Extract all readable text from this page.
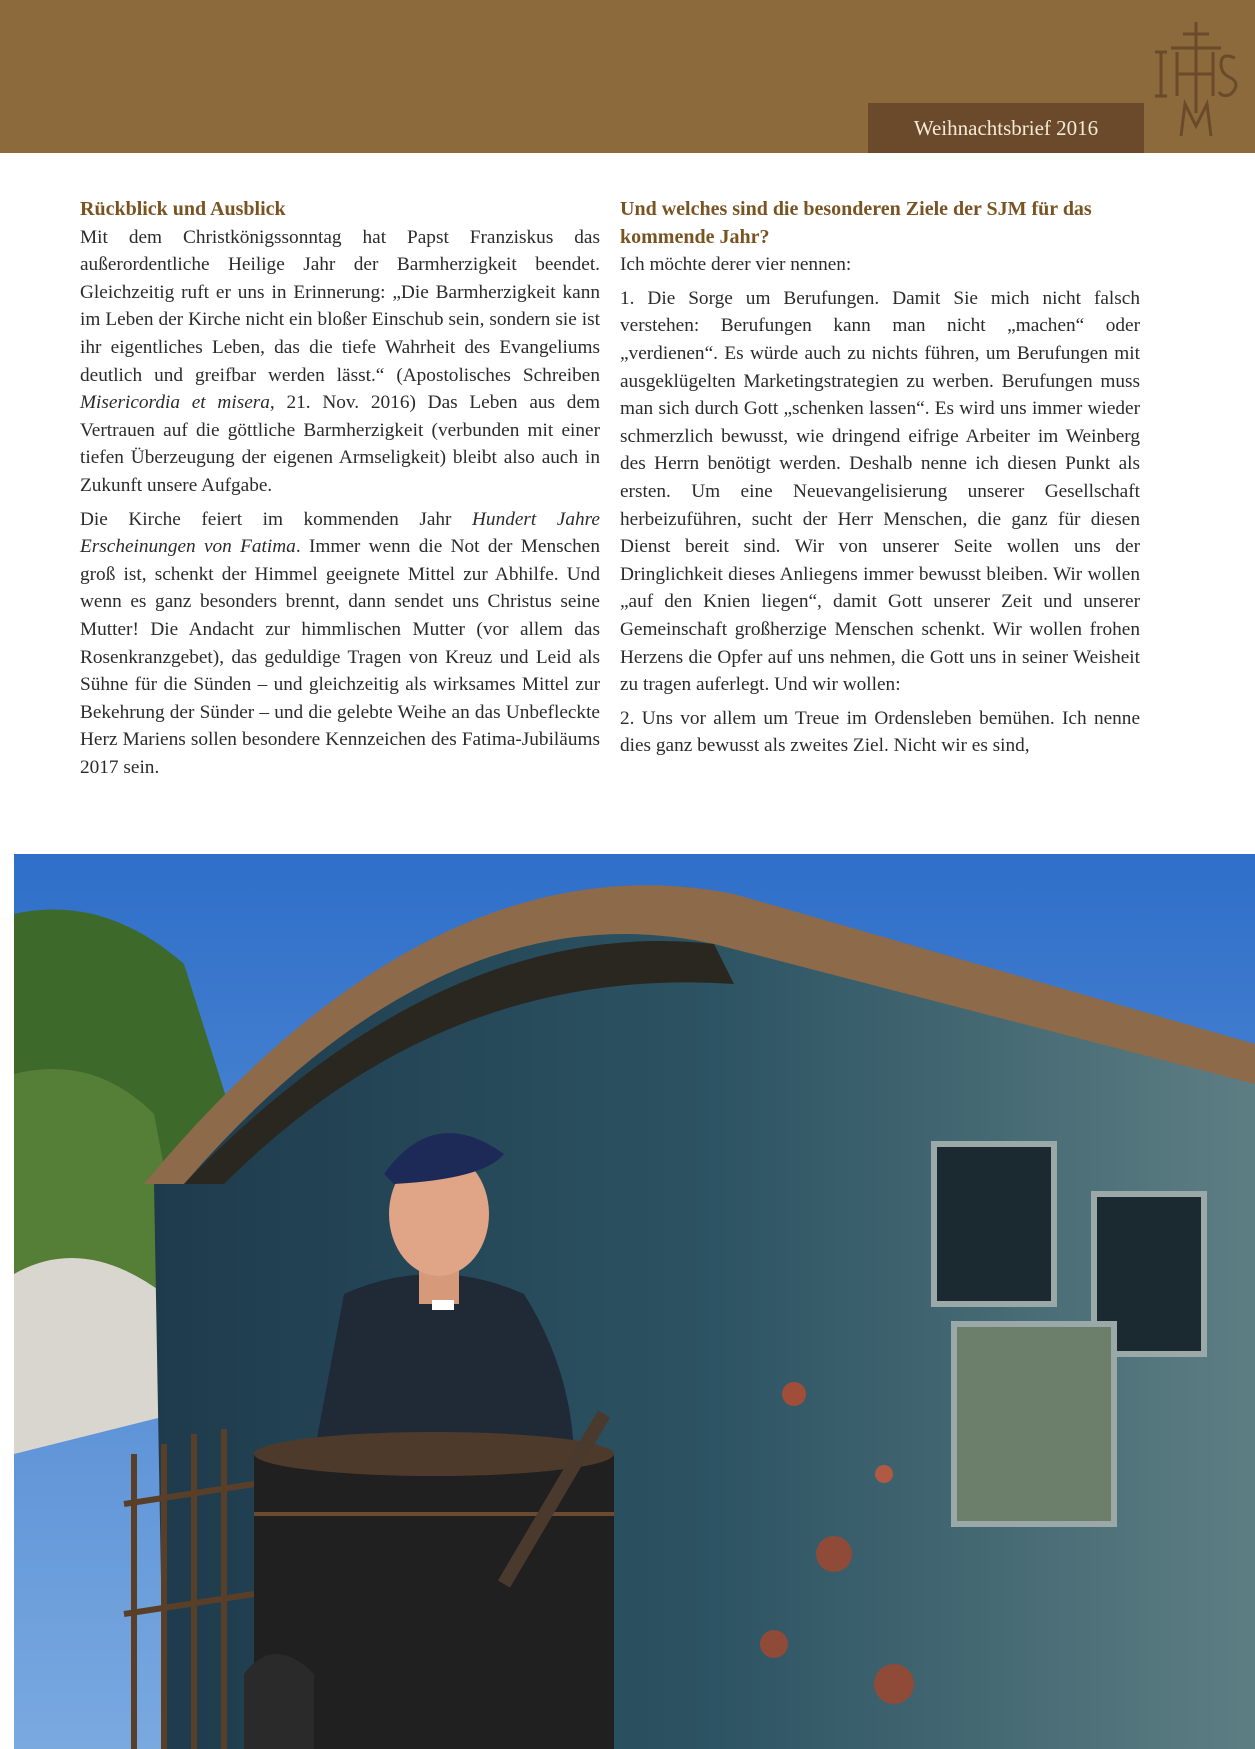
Weihnachtsbrief 2016
Rückblick und Ausblick

Mit dem Christkönigssonntag hat Papst Franziskus das außerordentliche Heilige Jahr der Barmherzigkeit beendet. Gleichzeitig ruft er uns in Erinnerung: „Die Barmherzigkeit kann im Leben der Kirche nicht ein bloßer Einschub sein, sondern sie ist ihr eigentliches Leben, das die tiefe Wahrheit des Evangeliums deutlich und greifbar werden lässt.“ (Apostolisches Schreiben Misericordia et misera, 21. Nov. 2016) Das Leben aus dem Vertrauen auf die göttliche Barmherzigkeit (verbunden mit einer tiefen Überzeugung der eigenen Armseligkeit) bleibt also auch in Zukunft unsere Aufgabe.

Die Kirche feiert im kommenden Jahr Hundert Jahre Erscheinungen von Fatima. Immer wenn die Not der Menschen groß ist, schenkt der Himmel geeignete Mittel zur Abhilfe. Und wenn es ganz besonders brennt, dann sendet uns Christus seine Mutter! Die Andacht zur himmlischen Mutter (vor allem das Rosenkranzgebet), das geduldige Tragen von Kreuz und Leid als Sühne für die Sünden – und gleichzeitig als wirksames Mittel zur Bekehrung der Sünder – und die gelebte Weihe an das Unbefleckte Herz Mariens sollen besondere Kennzeichen des Fatima-Jubiläums 2017 sein.

Und welches sind die besonderen Ziele der SJM für das kommende Jahr?

Ich möchte derer vier nennen:

1. Die Sorge um Berufungen. Damit Sie mich nicht falsch verstehen: Berufungen kann man nicht „machen“ oder „verdienen“. Es würde auch zu nichts führen, um Berufungen mit ausgeklügelten Marketingstrategien zu werben. Berufungen muss man sich durch Gott „schenken lassen“. Es wird uns immer wieder schmerzlich bewusst, wie dringend eifrige Arbeiter im Weinberg des Herrn benötigt werden. Deshalb nenne ich diesen Punkt als ersten. Um eine Neuevangelisierung unserer Gesellschaft herbeizuführen, sucht der Herr Menschen, die ganz für diesen Dienst bereit sind. Wir von unserer Seite wollen uns der Dringlichkeit dieses Anliegens immer bewusst bleiben. Wir wollen „auf den Knien liegen“, damit Gott unserer Zeit und unserer Gemeinschaft großherzige Menschen schenkt. Wir wollen frohen Herzens die Opfer auf uns nehmen, die Gott uns in seiner Weisheit zu tragen auferlegt. Und wir wollen:

2. Uns vor allem um Treue im Ordensleben bemühen. Ich nenne dies ganz bewusst als zweites Ziel. Nicht wir es sind,
